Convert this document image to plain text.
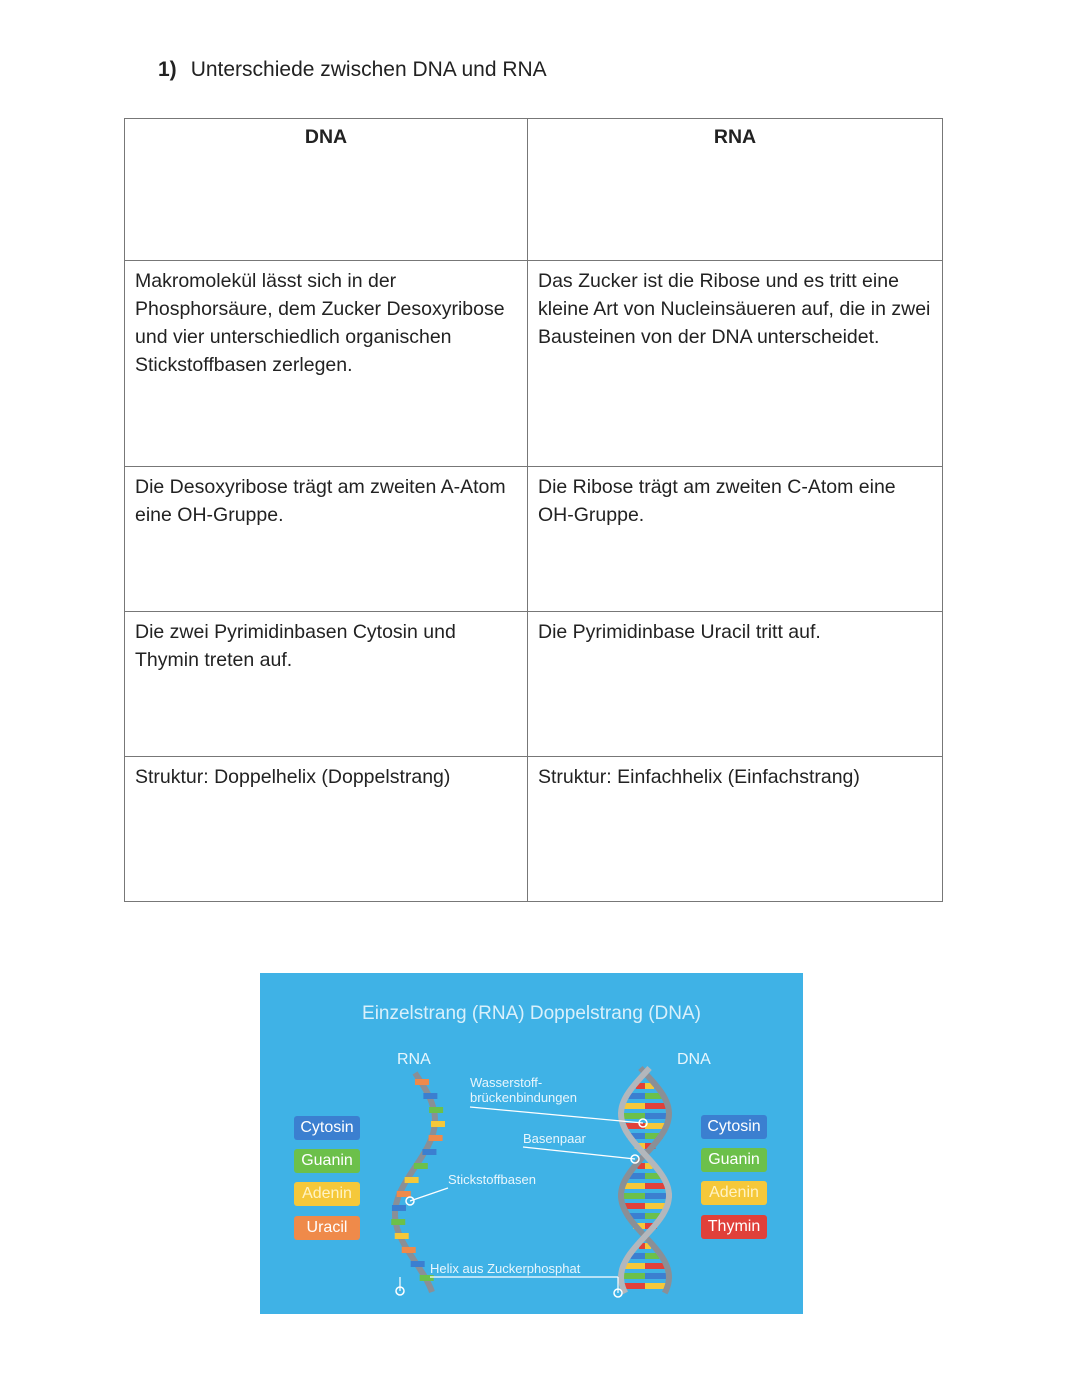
1) Unterschiede zwischen DNA und RNA
DNA	RNA
Makromolekül lässt sich in der Phosphorsäure, dem Zucker Desoxyribose und vier unterschiedlich organischen Stickstoffbasen zerlegen.	Das Zucker ist die Ribose und es tritt eine kleine Art von Nucleinsäueren auf, die in zwei Bausteinen von der DNA unterscheidet.
Die Desoxyribose trägt am zweiten A-Atom eine OH-Gruppe.	Die Ribose trägt am zweiten C-Atom eine OH-Gruppe.
Die zwei Pyrimidinbasen Cytosin und Thymin treten auf.	Die Pyrimidinbase Uracil tritt auf.
Struktur: Doppelhelix (Doppelstrang)	Struktur: Einfachhelix (Einfachstrang)
Einzelstrang (RNA) Doppelstrang (DNA)
RNA	DNA
Wasserstoff-
brückenbindungen
Basenpaar
Stickstoffbasen
Helix aus Zuckerphosphat
Cytosin
Guanin
Adenin
Uracil
Cytosin
Guanin
Adenin
Thymin
